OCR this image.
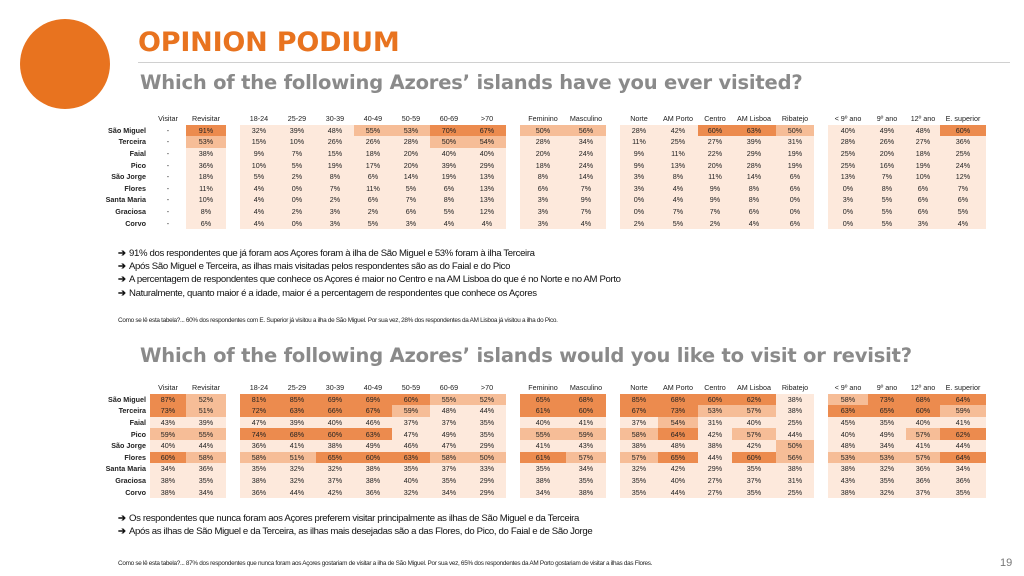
OPINION PODIUM
Which of the following Azores’ islands have you ever visited?
	Visitar	Revisitar		18-24	25-29	30-39	40-49	50-59	60-69	>70		Feminino	Masculino		Norte	AM Porto	Centro	AM Lisboa	Ribatejo		< 9º ano	9º ano	12º ano	E. superior
São Miguel	-	91%		32%	39%	48%	55%	53%	70%	67%		50%	56%		28%	42%	60%	63%	50%		40%	49%	48%	60%
Terceira	-	53%		15%	10%	26%	26%	28%	50%	54%		28%	34%		11%	25%	27%	39%	31%		28%	26%	27%	36%
Faial	-	38%		9%	7%	15%	18%	20%	40%	40%		20%	24%		9%	11%	22%	29%	19%		25%	20%	18%	25%
Pico	-	36%		10%	5%	19%	17%	20%	39%	29%		18%	24%		9%	13%	20%	28%	19%		25%	16%	19%	24%
São Jorge	-	18%		5%	2%	8%	6%	14%	19%	13%		8%	14%		3%	8%	11%	14%	6%		13%	7%	10%	12%
Flores	-	11%		4%	0%	7%	11%	5%	6%	13%		6%	7%		3%	4%	9%	8%	6%		0%	8%	6%	7%
Santa Maria	-	10%		4%	0%	2%	6%	7%	8%	13%		3%	9%		0%	4%	9%	8%	0%		3%	5%	6%	6%
Graciosa	-	8%		4%	2%	3%	2%	6%	5%	12%		3%	7%		0%	7%	7%	6%	0%		0%	5%	6%	5%
Corvo	-	6%		4%	0%	3%	5%	3%	4%	4%		3%	4%		2%	5%	2%	4%	6%		0%	5%	3%	4%
➔ 91% dos respondentes que já foram aos Açores foram à ilha de São Miguel e 53% foram à ilha Terceira
➔ Após São Miguel e Terceira, as ilhas mais visitadas pelos respondentes são as do Faial e do Pico
➔ A percentagem de respondentes que conhece os Açores é maior no Centro e na AM Lisboa do que é no Norte e no AM Porto
➔ Naturalmente, quanto maior é a idade, maior é a percentagem de respondentes que conhece os Açores
Como se lê esta tabela?... 60% dos respondentes com E. Superior já visitou a ilha de São Miguel. Por sua vez, 28% dos respondentes da AM Lisboa já visitou a ilha do Pico.
Which of the following Azores’ islands would you like to visit or revisit?
	Visitar	Revisitar		18-24	25-29	30-39	40-49	50-59	60-69	>70		Feminino	Masculino		Norte	AM Porto	Centro	AM Lisboa	Ribatejo		< 9º ano	9º ano	12º ano	E. superior
São Miguel	87%	52%		81%	85%	69%	69%	60%	55%	52%		65%	68%		85%	68%	60%	62%	38%		58%	73%	68%	64%
Terceira	73%	51%		72%	63%	66%	67%	59%	48%	44%		61%	60%		67%	73%	53%	57%	38%		63%	65%	60%	59%
Faial	43%	39%		47%	39%	40%	46%	37%	37%	35%		40%	41%		37%	54%	31%	40%	25%		45%	35%	40%	41%
Pico	59%	55%		74%	68%	60%	63%	47%	49%	35%		55%	59%		58%	64%	42%	57%	44%		40%	49%	57%	62%
São Jorge	40%	44%		36%	41%	38%	49%	46%	47%	29%		41%	43%		38%	48%	38%	42%	50%		48%	34%	41%	44%
Flores	60%	58%		58%	51%	65%	60%	63%	58%	50%		61%	57%		57%	65%	44%	60%	56%		53%	53%	57%	64%
Santa Maria	34%	36%		35%	32%	32%	38%	35%	37%	33%		35%	34%		32%	42%	29%	35%	38%		38%	32%	36%	34%
Graciosa	38%	35%		38%	32%	37%	38%	40%	35%	29%		38%	35%		35%	40%	27%	37%	31%		43%	35%	36%	36%
Corvo	38%	34%		36%	44%	42%	36%	32%	34%	29%		34%	38%		35%	44%	27%	35%	25%		38%	32%	37%	35%
➔ Os respondentes que nunca foram aos Açores preferem visitar principalmente as ilhas de São Miguel e da Terceira
➔ Após as ilhas de São Miguel e da Terceira, as ilhas mais desejadas são a das Flores, do Pico, do Faial e de São Jorge
Como se lê esta tabela?... 87% dos respondentes que nunca foram aos Açores gostariam de visitar a ilha de São Miguel. Por sua vez, 65% dos respondentes da AM Porto gostariam de visitar a ilhas das Flores.	19
